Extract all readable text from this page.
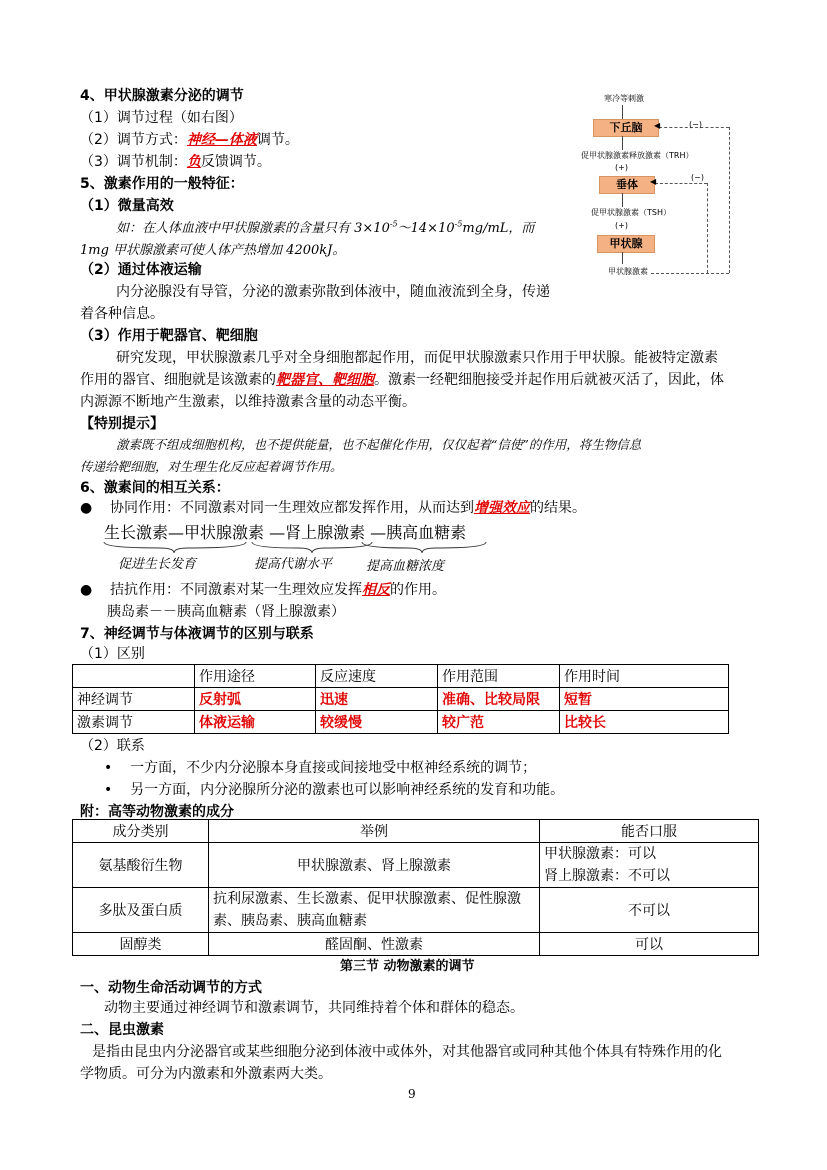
4、甲状腺激素分泌的调节
（1）调节过程（如右图）
（2）调节方式：神经—体液调节。
（3）调节机制：负反馈调节。
5、激素作用的一般特征：
（1）微量高效
如：在人体血液中甲状腺激素的含量只有 $3\times 10^{-5}\sim 14\times 10^{-5}mg/mL$，而
1mg 甲状腺激素可使人体产热增加 4200kJ。
（2）通过体液运输
内分泌腺没有导管，分泌的激素弥散到体液中，随血液流到全身，传递
着各种信息。
（3）作用于靶器官、靶细胞
研究发现，甲状腺激素几乎对全身细胞都起作用，而促甲状腺激素只作用于甲状腺。能被特定激素
作用的器官、细胞就是该激素的靶器官、靶细胞。激素一经靶细胞接受并起作用后就被灭活了，因此，体
内源源不断地产生激素，以维持激素含量的动态平衡。
【特别提示】
激素既不组成细胞机构，也不提供能量，也不起催化作用，仅仅起着“信使”的作用，将生物信息
传递给靶细胞，对生理生化反应起着调节作用。
6、激素间的相互关系：
● 协同作用：不同激素对同一生理效应都发挥作用，从而达到增强效应的结果。
生长激素—甲状腺激素 —肾上腺激素 —胰高血糖素
促进生长发育	提高代谢水平	提高血糖浓度
● 拮抗作用：不同激素对某一生理效应发挥相反的作用。
胰岛素－－胰高血糖素（肾上腺激素）
7、神经调节与体液调节的区别与联系
（1）区别
	作用途径	反应速度	作用范围	作用时间
神经调节	反射弧	迅速	准确、比较局限	短暂
激素调节	体液运输	较缓慢	较广范	比较长
（2）联系
• 一方面，不少内分泌腺本身直接或间接地受中枢神经系统的调节；
• 另一方面，内分泌腺所分泌的激素也可以影响神经系统的发育和功能。
附：高等动物激素的成分
成分类别	举例	能否口服
氨基酸衍生物	甲状腺激素、肾上腺激素	甲状腺激素：可以
肾上腺激素：不可以

多肽及蛋白质	抗利尿激素、生长激素、促甲状腺激素、促性腺激
素、胰岛素、胰高血糖素	不可以
固醇类	醛固酮、性激素	可以
第三节 动物激素的调节
一、动物生命活动调节的方式
动物主要通过神经调节和激素调节，共同维持着个体和群体的稳态。
二、昆虫激素
是指由昆虫内分泌器官或某些细胞分泌到体液中或体外，对其他器官或同种其他个体具有特殊作用的化
学物质。可分为内激素和外激素两大类。
9
寒冷等刺激
下丘脑
促甲状腺激素释放激素（TRH）
(+)
垂体
促甲状腺激素（TSH）
(+)
甲状腺
甲状腺激素
(−)
(−)
◀
◀
